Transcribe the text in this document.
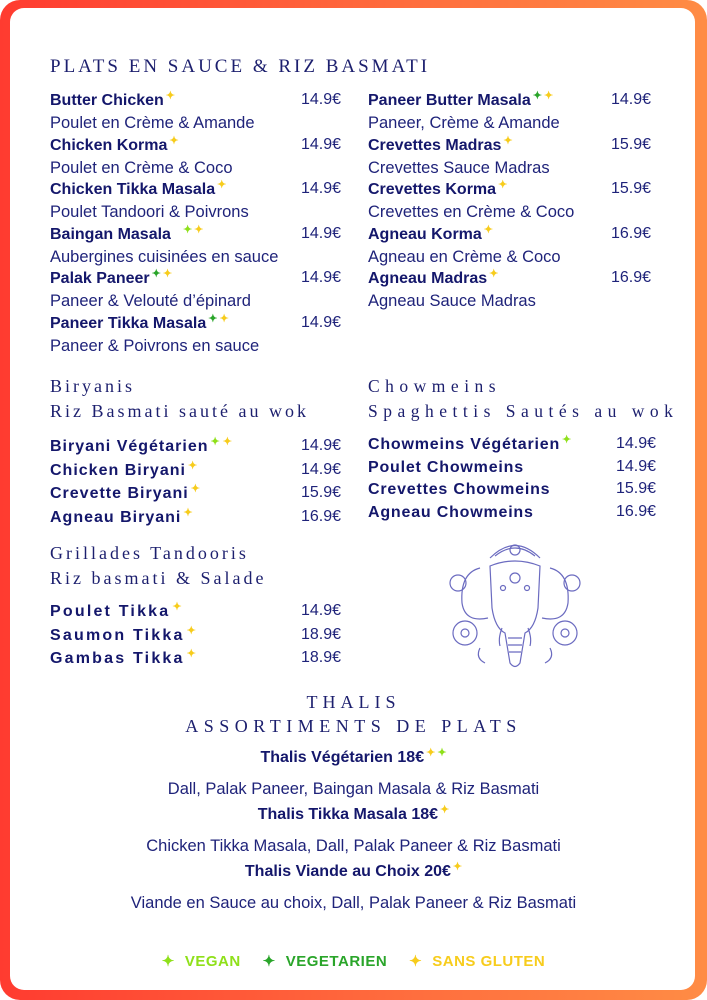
PLATS EN SAUCE & RIZ BASMATI
Biryanis
Riz Basmati sauté au wok
Chowmeins
Spaghettis Sautés au wok
Grillades Tandooris
Riz basmati & Salade
THALIS
ASSORTIMENTS DE PLATS
✦ VEGAN ✦ VEGETARIEN ✦ SANS GLUTEN
Butter Chicken ✦	14.9€
Poulet en Crème & Amande
Chicken Korma ✦	14.9€
Poulet en Crème & Coco
Chicken Tikka Masala ✦	14.9€
Poulet Tandoori & Poivrons
Baingan Masala ✦ ✦	14.9€
Aubergines cuisinées en sauce
Palak Paneer ✦ ✦	14.9€
Paneer & Velouté d’épinard
Paneer Tikka Masala ✦ ✦	14.9€
Paneer & Poivrons en sauce
Paneer Butter Masala ✦ ✦	14.9€
Paneer, Crème & Amande
Crevettes Madras ✦	15.9€
Crevettes Sauce Madras
Crevettes Korma ✦	15.9€
Crevettes en Crème & Coco
Agneau Korma ✦	16.9€
Agneau en Crème & Coco
Agneau Madras ✦	16.9€
Agneau Sauce Madras
Biryani Végétarien ✦ ✦	14.9€
Chicken Biryani ✦	14.9€
Crevette Biryani ✦	15.9€
Agneau Biryani ✦	16.9€
Chowmeins Végétarien ✦	14.9€
Poulet Chowmeins	14.9€
Crevettes Chowmeins	15.9€
Agneau Chowmeins	16.9€
Poulet Tikka ✦	14.9€
Saumon Tikka ✦	18.9€
Gambas Tikka ✦	18.9€
Thalis Végétarien 18€ ✦ ✦
Dall, Palak Paneer, Baingan Masala & Riz Basmati
Thalis Tikka Masala 18€ ✦
Chicken Tikka Masala, Dall, Palak Paneer & Riz Basmati
Thalis Viande au Choix 20€ ✦
Viande en Sauce au choix, Dall, Palak Paneer & Riz Basmati
